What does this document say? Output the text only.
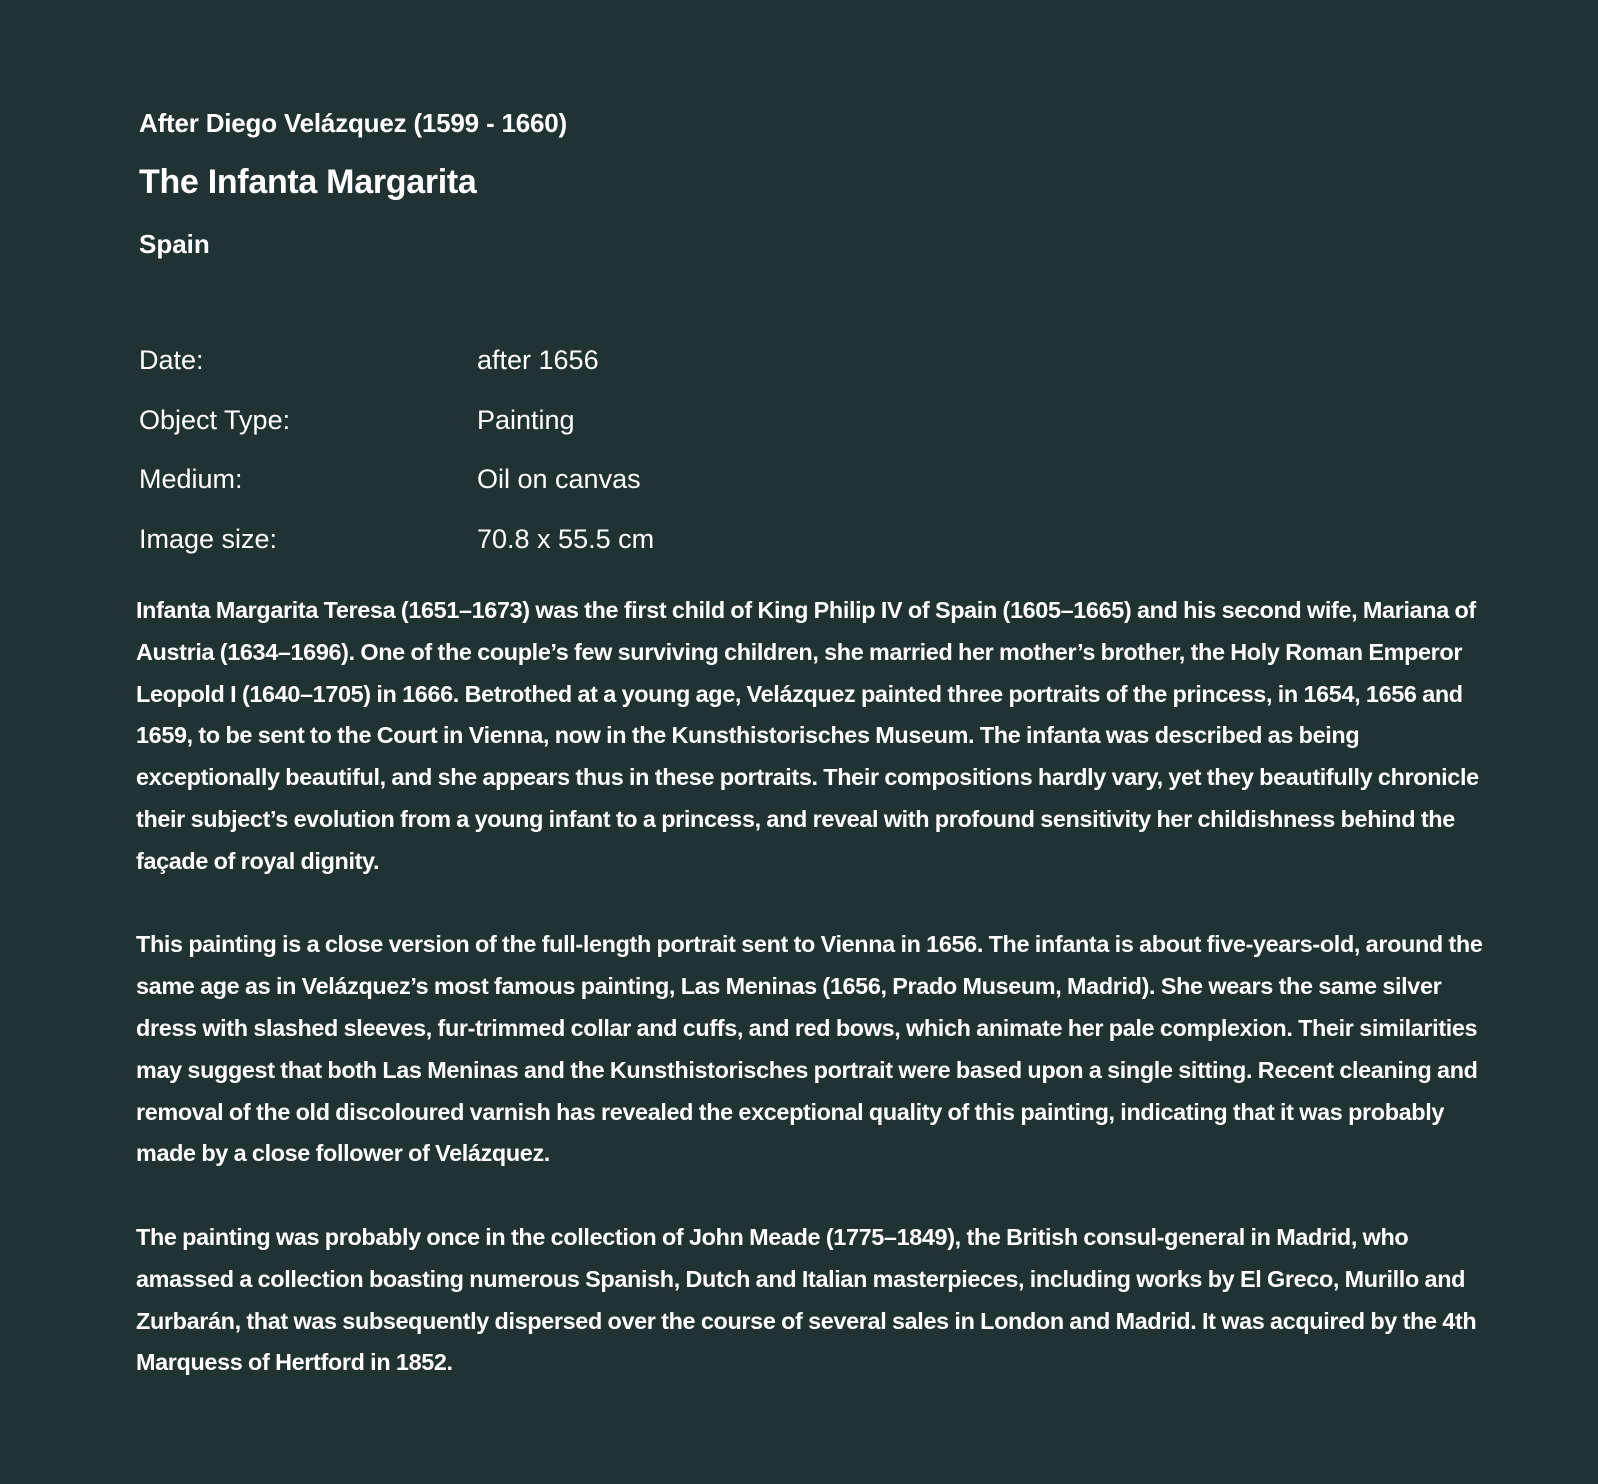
After Diego Velázquez (1599 - 1660)
The Infanta Margarita
Spain
Date:	after 1656
Object Type:	Painting
Medium:	Oil on canvas
Image size:	70.8 x 55.5 cm

Infanta Margarita Teresa (1651–1673) was the first child of King Philip IV of Spain (1605–1665) and his second wife, Mariana of Austria (1634–1696). One of the couple’s few surviving children, she married her mother’s brother, the Holy Roman Emperor Leopold I (1640–1705) in 1666. Betrothed at a young age, Velázquez painted three portraits of the princess, in 1654, 1656 and 1659, to be sent to the Court in Vienna, now in the Kunsthistorisches Museum. The infanta was described as being exceptionally beautiful, and she appears thus in these portraits. Their compositions hardly vary, yet they beautifully chronicle their subject’s evolution from a young infant to a princess, and reveal with profound sensitivity her childishness behind the façade of royal dignity.

This painting is a close version of the full-length portrait sent to Vienna in 1656. The infanta is about five-years-old, around the same age as in Velázquez’s most famous painting, Las Meninas (1656, Prado Museum, Madrid). She wears the same silver dress with slashed sleeves, fur-trimmed collar and cuffs, and red bows, which animate her pale complexion. Their similarities may suggest that both Las Meninas and the Kunsthistorisches portrait were based upon a single sitting. Recent cleaning and removal of the old discoloured varnish has revealed the exceptional quality of this painting, indicating that it was probably made by a close follower of Velázquez.

The painting was probably once in the collection of John Meade (1775–1849), the British consul-general in Madrid, who amassed a collection boasting numerous Spanish, Dutch and Italian masterpieces, including works by El Greco, Murillo and Zurbarán, that was subsequently dispersed over the course of several sales in London and Madrid. It was acquired by the 4th Marquess of Hertford in 1852.
